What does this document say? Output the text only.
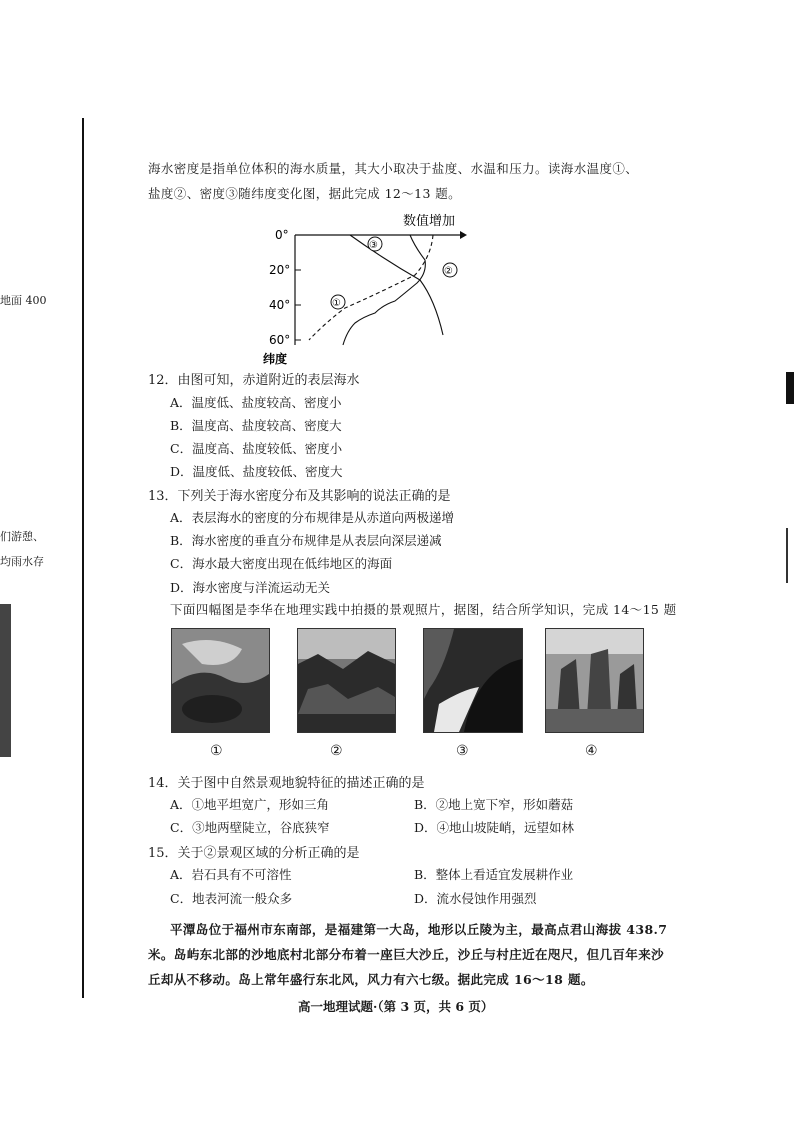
地面 400
们游憩、
均雨水存
海水密度是指单位体积的海水质量，其大小取决于盐度、水温和压力。读海水温度①、
盐度②、密度③随纬度变化图，据此完成 12～13 题。
数值增加
0°
20°
40°
60°
纬度
③
②
①
12．由图可知，赤道附近的表层海水
A．温度低、盐度较高、密度小
B．温度高、盐度较高、密度大
C．温度高、盐度较低、密度小
D．温度低、盐度较低、密度大
13．下列关于海水密度分布及其影响的说法正确的是
A．表层海水的密度的分布规律是从赤道向两极递增
B．海水密度的垂直分布规律是从表层向深层递减
C．海水最大密度出现在低纬地区的海面
D．海水密度与洋流运动无关
下面四幅图是李华在地理实践中拍摄的景观照片，据图，结合所学知识，完成 14～15 题
①	②	③	④
14．关于图中自然景观地貌特征的描述正确的是
A．①地平坦宽广，形如三角	B．②地上宽下窄，形如蘑菇
C．③地两壁陡立，谷底狭窄	D．④地山坡陡峭，远望如林
15．关于②景观区域的分析正确的是
A．岩石具有不可溶性	B．整体上看适宜发展耕作业
C．地表河流一般众多	D．流水侵蚀作用强烈
平潭岛位于福州市东南部，是福建第一大岛，地形以丘陵为主，最高点君山海拔 438.7
米。岛屿东北部的沙地底村北部分布着一座巨大沙丘，沙丘与村庄近在咫尺，但几百年来沙
丘却从不移动。岛上常年盛行东北风，风力有六七级。据此完成 16～18 题。
高一地理试题·（第 3 页，共 6 页）
